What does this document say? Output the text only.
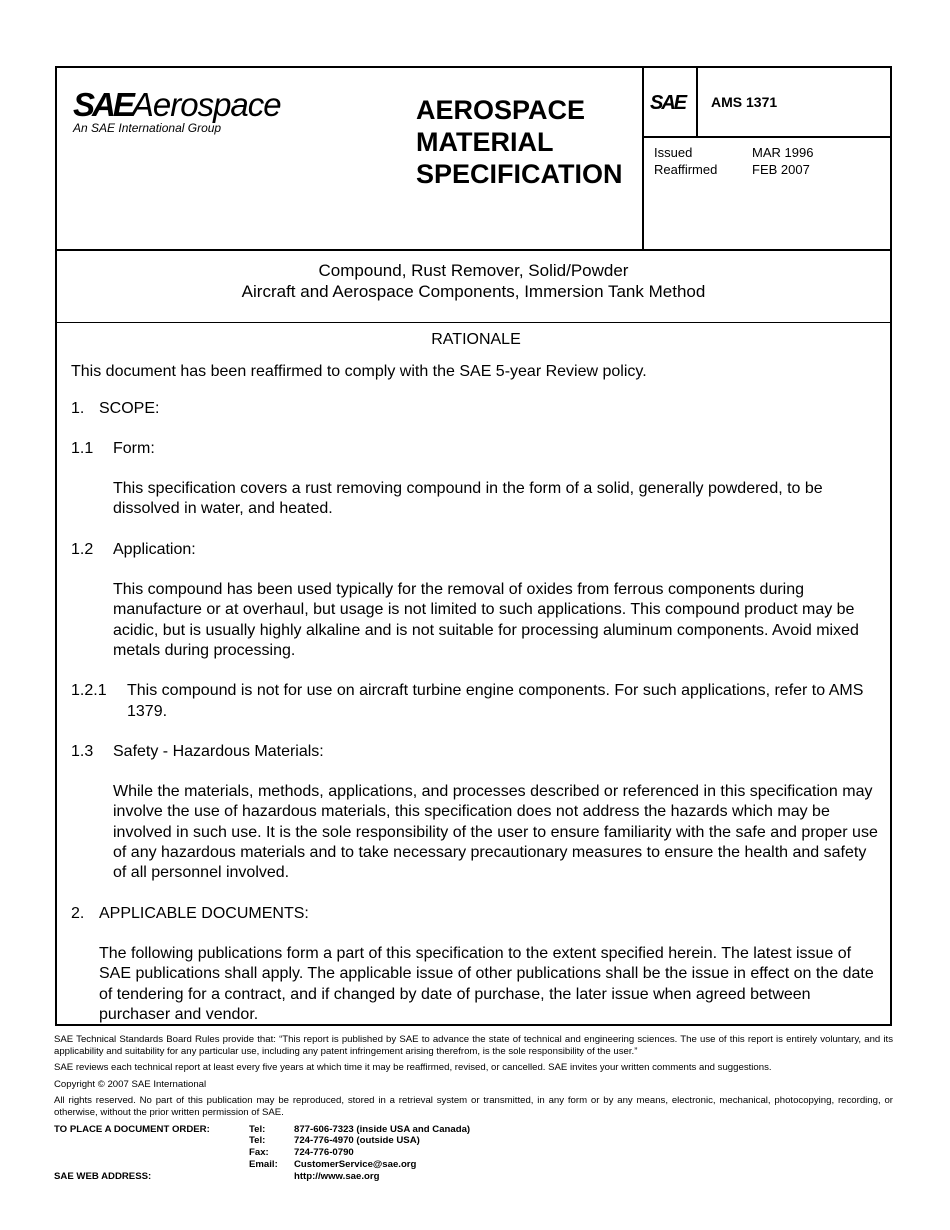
SAEAerospace
An SAE International Group
AEROSPACE
MATERIAL
SPECIFICATION
SAE AMS 1371
Issued	MAR 1996
Reaffirmed	FEB 2007
Compound, Rust Remover, Solid/Powder
Aircraft and Aerospace Components, Immersion Tank Method

RATIONALE

This document has been reaffirmed to comply with the SAE 5-year Review policy.

1. SCOPE:

1.1 Form:

This specification covers a rust removing compound in the form of a solid, generally powdered, to be dissolved in water, and heated.

1.2 Application:

This compound has been used typically for the removal of oxides from ferrous components during manufacture or at overhaul, but usage is not limited to such applications. This compound product may be acidic, but is usually highly alkaline and is not suitable for processing aluminum components. Avoid mixed metals during processing.

1.2.1 This compound is not for use on aircraft turbine engine components. For such applications, refer to AMS 1379.

1.3 Safety - Hazardous Materials:

While the materials, methods, applications, and processes described or referenced in this specification may involve the use of hazardous materials, this specification does not address the hazards which may be involved in such use. It is the sole responsibility of the user to ensure familiarity with the safe and proper use of any hazardous materials and to take necessary precautionary measures to ensure the health and safety of all personnel involved.

2. APPLICABLE DOCUMENTS:

The following publications form a part of this specification to the extent specified herein. The latest issue of SAE publications shall apply. The applicable issue of other publications shall be the issue in effect on the date of tendering for a contract, and if changed by date of purchase, the later issue when agreed between purchaser and vendor.

SAE Technical Standards Board Rules provide that: “This report is published by SAE to advance the state of technical and engineering sciences. The use of this report is entirely voluntary, and its applicability and suitability for any particular use, including any patent infringement arising therefrom, is the sole responsibility of the user.”

SAE reviews each technical report at least every five years at which time it may be reaffirmed, revised, or cancelled. SAE invites your written comments and suggestions.

Copyright © 2007 SAE International

All rights reserved. No part of this publication may be reproduced, stored in a retrieval system or transmitted, in any form or by any means, electronic, mechanical, photocopying, recording, or otherwise, without the prior written permission of SAE.

TO PLACE A DOCUMENT ORDER:	Tel:	877-606-7323 (inside USA and Canada)
Tel:	724-776-4970 (outside USA)
Fax:	724-776-0790
Email:	CustomerService@sae.org
SAE WEB ADDRESS:	http://www.sae.org
